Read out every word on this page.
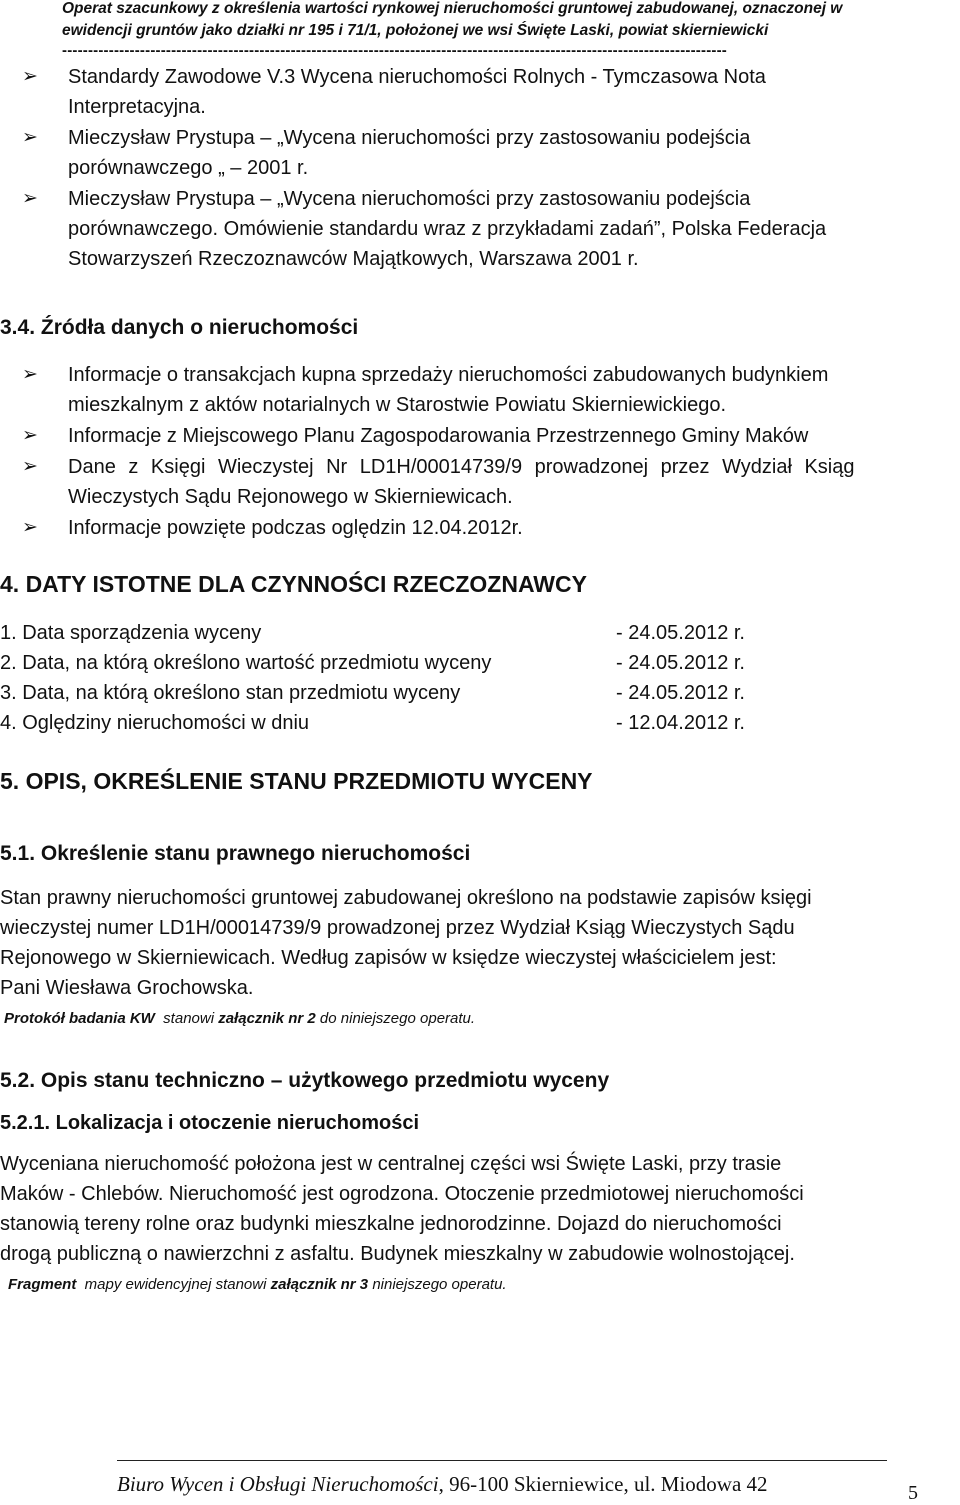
Operat szacunkowy z określenia wartości rynkowej nieruchomości gruntowej zabudowanej, oznaczonej w
ewidencji gruntów jako działki nr 195 i 71/1, położonej we wsi Święte Laski, powiat skierniewicki
--------------------------------------------------------------------------------------------------------------------------------
➢ Standardy Zawodowe V.3 Wycena nieruchomości Rolnych - Tymczasowa Nota
Interpretacyjna.
➢ Mieczysław Prystupa – „Wycena nieruchomości przy zastosowaniu podejścia
porównawczego „ – 2001 r.
➢ Mieczysław Prystupa – „Wycena nieruchomości przy zastosowaniu podejścia
porównawczego. Omówienie standardu wraz z przykładami zadań”, Polska Federacja
Stowarzyszeń Rzeczoznawców Majątkowych, Warszawa 2001 r.
3.4. Źródła danych o nieruchomości
➢ Informacje o transakcjach kupna sprzedaży nieruchomości zabudowanych budynkiem
mieszkalnym z aktów notarialnych w Starostwie Powiatu Skierniewickiego.
➢ Informacje z Miejscowego Planu Zagospodarowania Przestrzennego Gminy Maków
➢ Dane z Księgi Wieczystej Nr LD1H/00014739/9 prowadzonej przez Wydział Ksiąg
Wieczystych Sądu Rejonowego w Skierniewicach.
➢ Informacje powzięte podczas oględzin 12.04.2012r.
4. DATY ISTOTNE DLA CZYNNOŚCI RZECZOZNAWCY
1. Data sporządzenia wyceny	- 24.05.2012 r.
2. Data, na którą określono wartość przedmiotu wyceny	- 24.05.2012 r.
3. Data, na którą określono stan przedmiotu wyceny	- 24.05.2012 r.
4. Oględziny nieruchomości w dniu	- 12.04.2012 r.
5. OPIS, OKREŚLENIE STANU PRZEDMIOTU WYCENY
5.1. Określenie stanu prawnego nieruchomości
Stan prawny nieruchomości gruntowej zabudowanej określono na podstawie zapisów księgi
wieczystej numer LD1H/00014739/9 prowadzonej przez Wydział Ksiąg Wieczystych Sądu
Rejonowego w Skierniewicach. Według zapisów w księdze wieczystej właścicielem jest:
Pani Wiesława Grochowska.
Protokół badania KW  stanowi załącznik nr 2 do niniejszego operatu.
5.2. Opis stanu techniczno – użytkowego przedmiotu wyceny
5.2.1. Lokalizacja i otoczenie nieruchomości
Wyceniana nieruchomość położona jest w centralnej części wsi Święte Laski, przy trasie
Maków - Chlebów. Nieruchomość jest ogrodzona. Otoczenie przedmiotowej nieruchomości
stanowią tereny rolne oraz budynki mieszkalne jednorodzinne. Dojazd do nieruchomości
drogą publiczną o nawierzchni z asfaltu. Budynek mieszkalny w zabudowie wolnostojącej.
Fragment  mapy ewidencyjnej stanowi załącznik nr 3 niniejszego operatu.
Biuro Wycen i Obsługi Nieruchomości, 96-100 Skierniewice, ul. Miodowa 42	5
